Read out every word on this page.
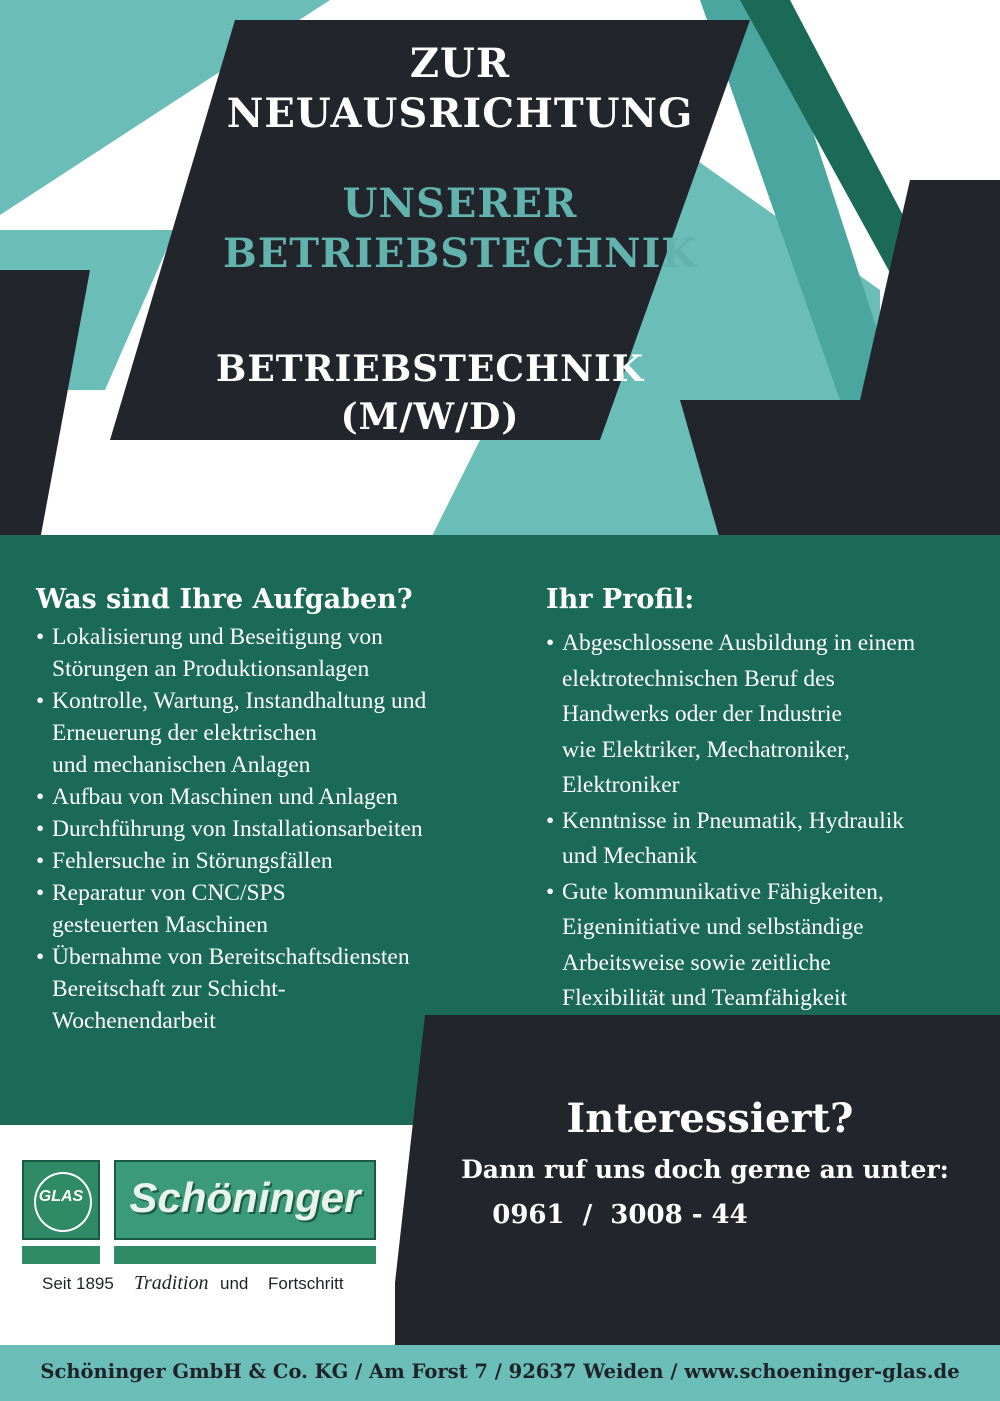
ZUR
NEUAUSRICHTUNG
UNSERER
BETRIEBSTECHNIK
BETRIEBSTECHNIK
(M/W/D)
Was sind Ihre Aufgaben?
• Lokalisierung und Beseitigung von
Störungen an Produktionsanlagen
• Kontrolle, Wartung, Instandhaltung und
Erneuerung der elektrischen
und mechanischen Anlagen
• Aufbau von Maschinen und Anlagen
• Durchführung von Installationsarbeiten
• Fehlersuche in Störungsfällen
• Reparatur von CNC/SPS
gesteuerten Maschinen
• Übernahme von Bereitschaftsdiensten
Bereitschaft zur Schicht-
Wochenendarbeit
Ihr Profil:
• Abgeschlossene Ausbildung in einem
elektrotechnischen Beruf des
Handwerks oder der Industrie
wie Elektriker, Mechatroniker,
Elektroniker
• Kenntnisse in Pneumatik, Hydraulik
und Mechanik
• Gute kommunikative Fähigkeiten,
Eigeninitiative und selbständige
Arbeitsweise sowie zeitliche
Flexibilität und Teamfähigkeit
Interessiert?
Dann ruf uns doch gerne an unter:
0961  /  3008 - 44
GLAS	Schöninger
Seit 1895 Tradition und Fortschritt
Schöninger GmbH & Co. KG / Am Forst 7 / 92637 Weiden / www.schoeninger-glas.de
